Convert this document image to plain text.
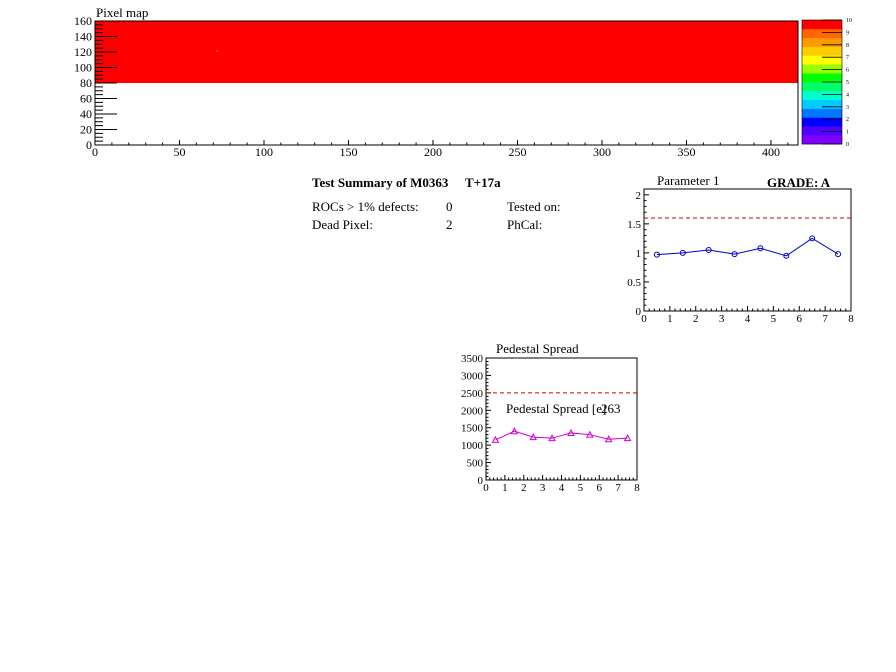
0
20
40
60
80
100
120
140
160
0	50	100	150	200	250	300	350	400	0
1
2
3
4
5
6
7
8
9
10
0
0.5
1
1.5
2
0 1 2 3 4 5 6 7 8
0
500
1000
1500
2000
2500
3000
3500
0 1 2 3 4 5 6 7 8
Pixel map
Test Summary of M0363 T+17a
ROCs > 1% defects: 0
Dead Pixel:	2
Tested on:
PhCal:
Parameter 1	GRADE: A
Pedestal Spread
Pedestal Spread [e]
263
